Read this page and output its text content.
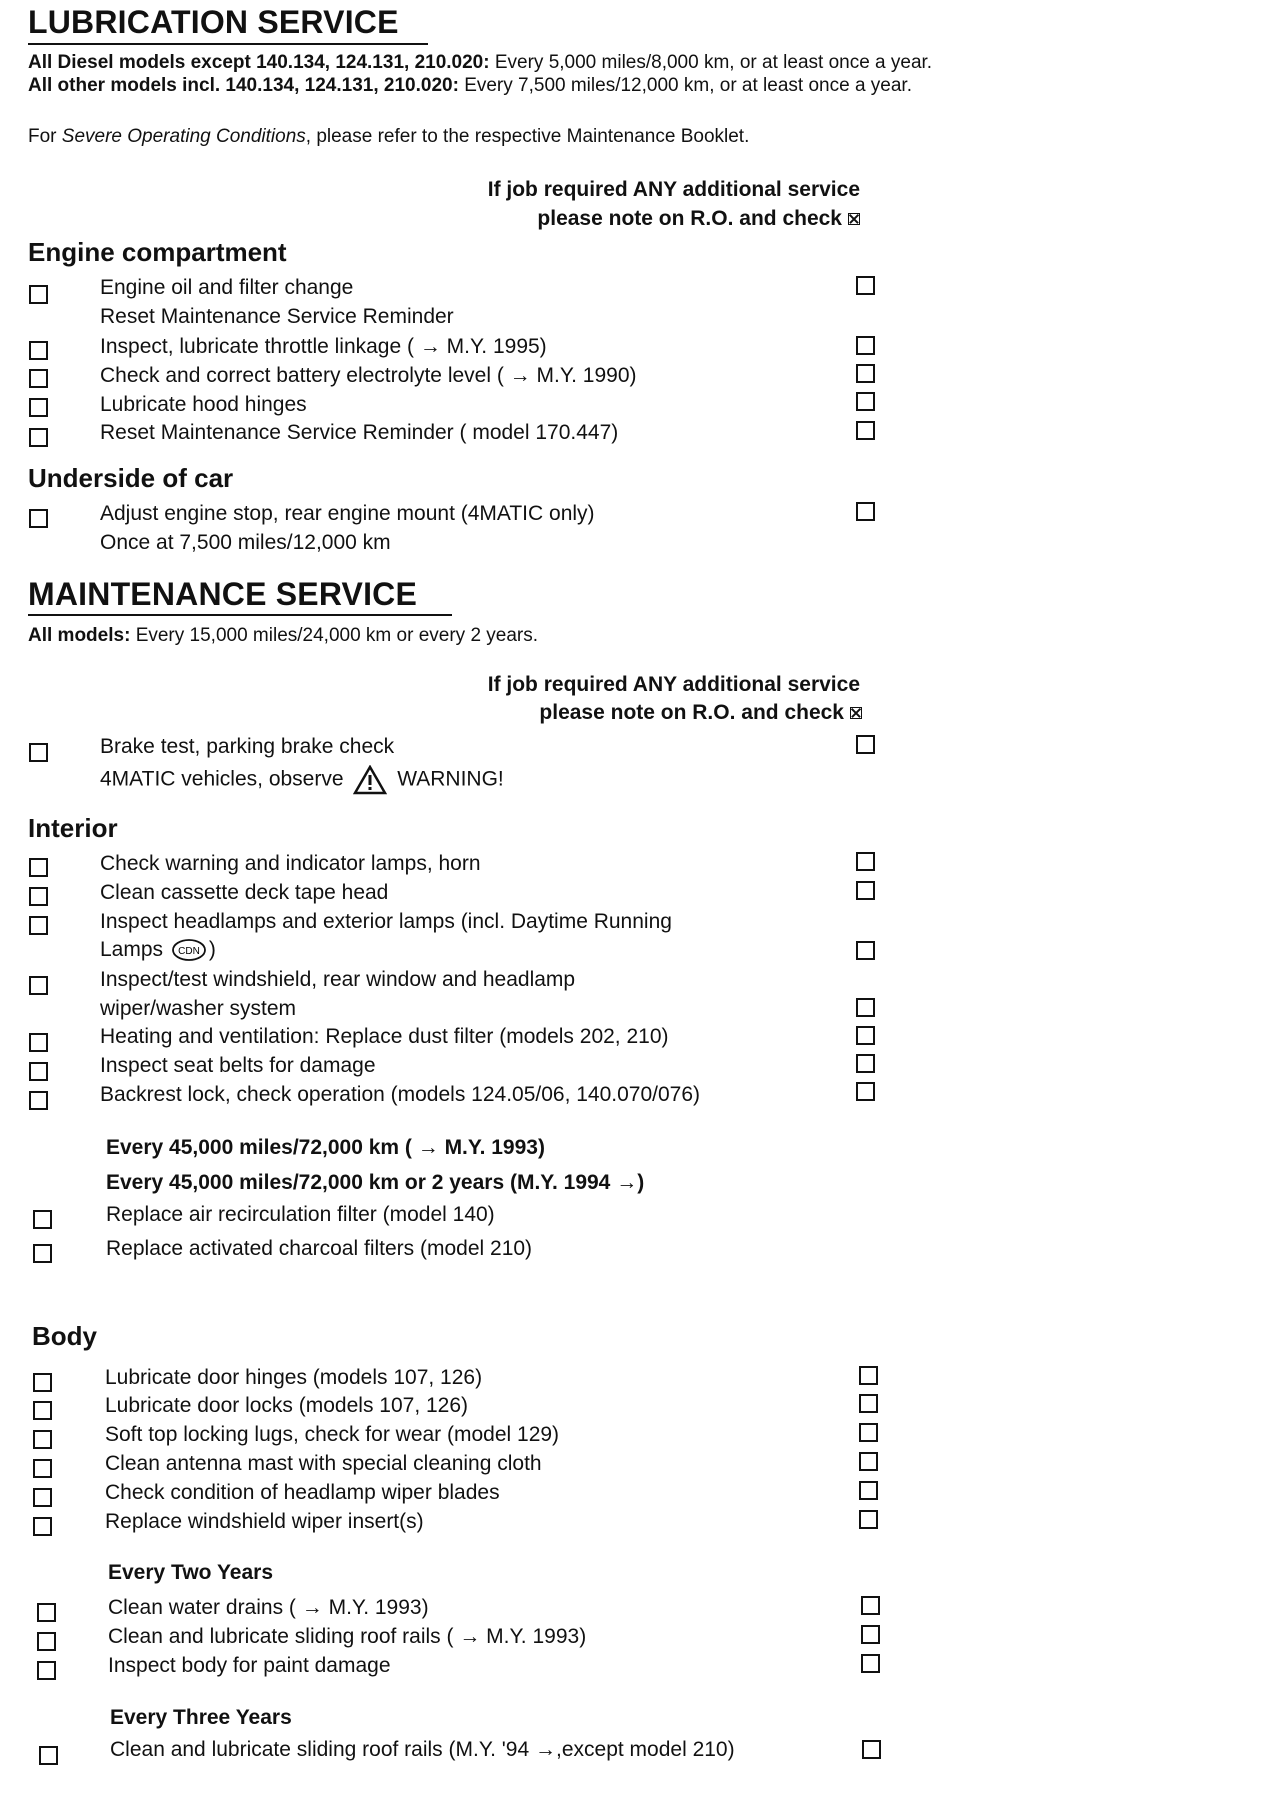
LUBRICATION SERVICE
All Diesel models except 140.134, 124.131, 210.020: Every 5,000 miles/8,000 km, or at least once a year.
All other models incl. 140.134, 124.131, 210.020: Every 7,500 miles/12,000 km, or at least once a year.
For Severe Operating Conditions, please refer to the respective Maintenance Booklet.
If job required ANY additional service
please note on R.O. and check
Engine compartment
Engine oil and filter change
Reset Maintenance Service Reminder
Inspect, lubricate throttle linkage ( → M.Y. 1995)
Check and correct battery electrolyte level ( → M.Y. 1990)
Lubricate hood hinges
Reset Maintenance Service Reminder ( model 170.447)
Underside of car
Adjust engine stop, rear engine mount (4MATIC only)
Once at 7,500 miles/12,000 km
MAINTENANCE SERVICE
All models: Every 15,000 miles/24,000 km or every 2 years.
If job required ANY additional service
please note on R.O. and check
Brake test, parking brake check
4MATIC vehicles, observe	WARNING!
Interior
Check warning and indicator lamps, horn
Clean cassette deck tape head
Inspect headlamps and exterior lamps (incl. Daytime Running
Lamps CDN )
Inspect/test windshield, rear window and headlamp
wiper/washer system
Heating and ventilation: Replace dust filter (models 202, 210)
Inspect seat belts for damage
Backrest lock, check operation (models 124.05/06, 140.070/076)
Every 45,000 miles/72,000 km ( → M.Y. 1993)
Every 45,000 miles/72,000 km or 2 years (M.Y. 1994 →)
Replace air recirculation filter (model 140)
Replace activated charcoal filters (model 210)
Body
Lubricate door hinges (models 107, 126)
Lubricate door locks (models 107, 126)
Soft top locking lugs, check for wear (model 129)
Clean antenna mast with special cleaning cloth
Check condition of headlamp wiper blades
Replace windshield wiper insert(s)
Every Two Years
Clean water drains ( → M.Y. 1993)
Clean and lubricate sliding roof rails ( → M.Y. 1993)
Inspect body for paint damage
Every Three Years
Clean and lubricate sliding roof rails (M.Y. '94 →,except model 210)
